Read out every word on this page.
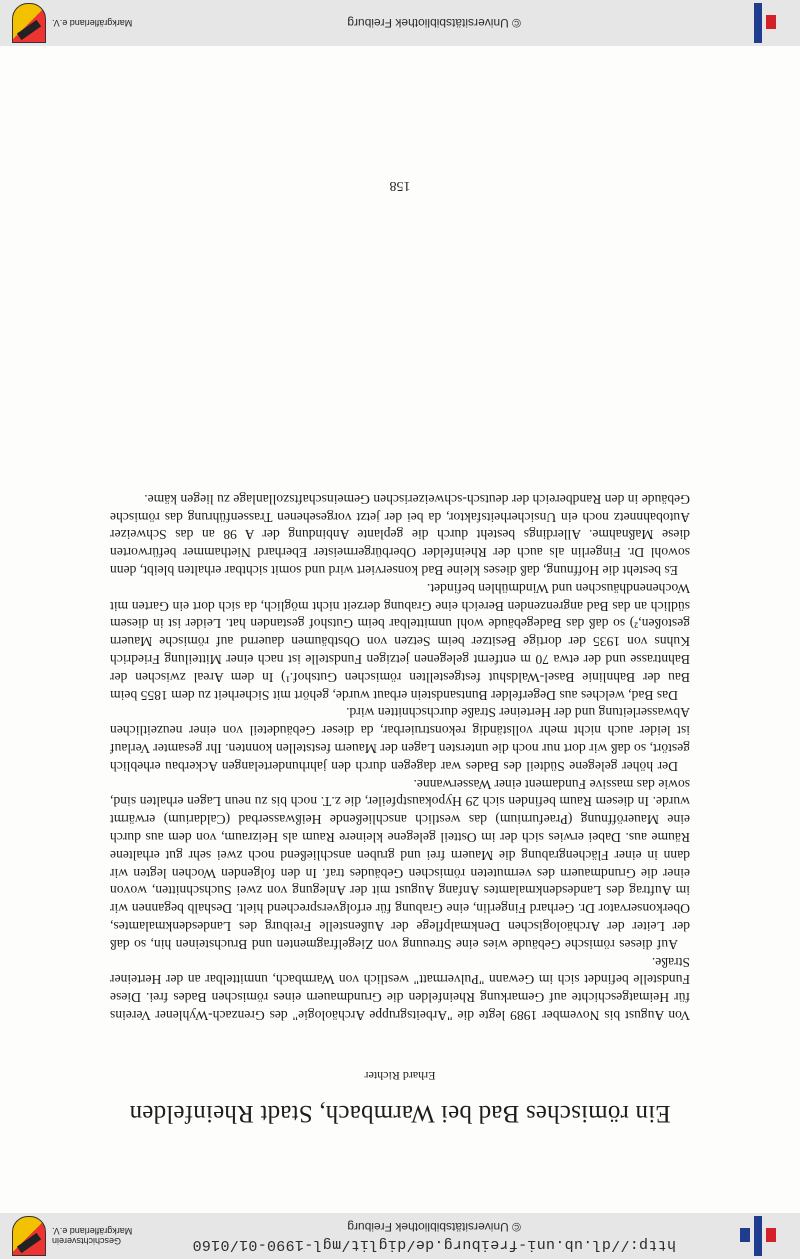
http://dl.ub.uni-freiburg.de/diglit/mgl-1990-01/0160
© Universitätsbibliothek Freiburg
Geschichtsverein
Markgräflerland e.V.
Ein römisches Bad bei Warmbach, Stadt Rheinfelden
Erhard Richter

Von August bis November 1989 legte die "Arbeitsgruppe Archäologie" des Grenzach-Wyhlener Vereins für Heimatgeschichte auf Gemarkung Rheinfelden die Grundmauern eines römischen Bades frei. Diese Fundstelle befindet sich im Gewann "Pulvermatt" westlich von Warmbach, unmittelbar an der Herteiner Straße.

Auf dieses römische Gebäude wies eine Streuung von Ziegelfragmenten und Bruchsteinen hin, so daß der Leiter der Archäologischen Denkmalpflege der Außenstelle Freiburg des Landesdenkmalamtes, Oberkonservator Dr. Gerhard Fingerlin, eine Grabung für erfolgversprechend hielt. Deshalb begannen wir im Auftrag des Landesdenkmalamtes Anfang August mit der Anlegung von zwei Suchschnitten, wovon einer die Grundmauern des vermuteten römischen Gebäudes traf. In den folgenden Wochen legten wir dann in einer Flächengrabung die Mauern frei und gruben anschließend noch zwei sehr gut erhaltene Räume aus. Dabei erwies sich der im Ostteil gelegene kleinere Raum als Heizraum, von dem aus durch eine Maueröffnung (Praefurnium) das westlich anschließende Heißwasserbad (Caldarium) erwärmt wurde. In diesem Raum befinden sich 29 Hypokaustpfeiler, die z.T. noch bis zu neun Lagen erhalten sind, sowie das massive Fundament einer Wasserwanne.

Der höher gelegene Südteil des Bades war dagegen durch den jahrhundertelangen Ackerbau erheblich gestört, so daß wir dort nur noch die untersten Lagen der Mauern feststellen konnten. Ihr gesamter Verlauf ist leider auch nicht mehr vollständig rekonstruierbar, da dieser Gebäudeteil von einer neuzeitlichen Abwasserleitung und der Herteiner Straße durchschnitten wird.

Das Bad, welches aus Degerfelder Buntsandstein erbaut wurde, gehört mit Sicherheit zu dem 1855 beim Bau der Bahnlinie Basel-Waldshut festgestellten römischen Gutshof.¹) In dem Areal zwischen der Bahntrasse und der etwa 70 m entfernt gelegenen jetzigen Fundstelle ist nach einer Mitteilung Friedrich Kuhns von 1935 der dortige Besitzer beim Setzen von Obstbäumen dauernd auf römische Mauern gestoßen,²) so daß das Badegebäude wohl unmittelbar beim Gutshof gestanden hat. Leider ist in diesem südlich an das Bad angrenzenden Bereich eine Grabung derzeit nicht möglich, da sich dort ein Garten mit Wochenendhäuschen und Windmühlen befindet.

Es besteht die Hoffnung, daß dieses kleine Bad konserviert wird und somit sichtbar erhalten bleibt, denn sowohl Dr. Fingerlin als auch der Rheinfelder Oberbürgermeister Eberhard Niethammer befürworten diese Maßnahme. Allerdings besteht durch die geplante Anbindung der A 98 an das Schweizer Autobahnnetz noch ein Unsicherheitsfaktor, da bei der jetzt vorgesehenen Trassenführung das römische Gebäude in den Randbereich der deutsch-schweizerischen Gemeinschaftszollanlage zu liegen käme.

158
© Universitätsbibliothek Freiburg
Markgräflerland e.V.
